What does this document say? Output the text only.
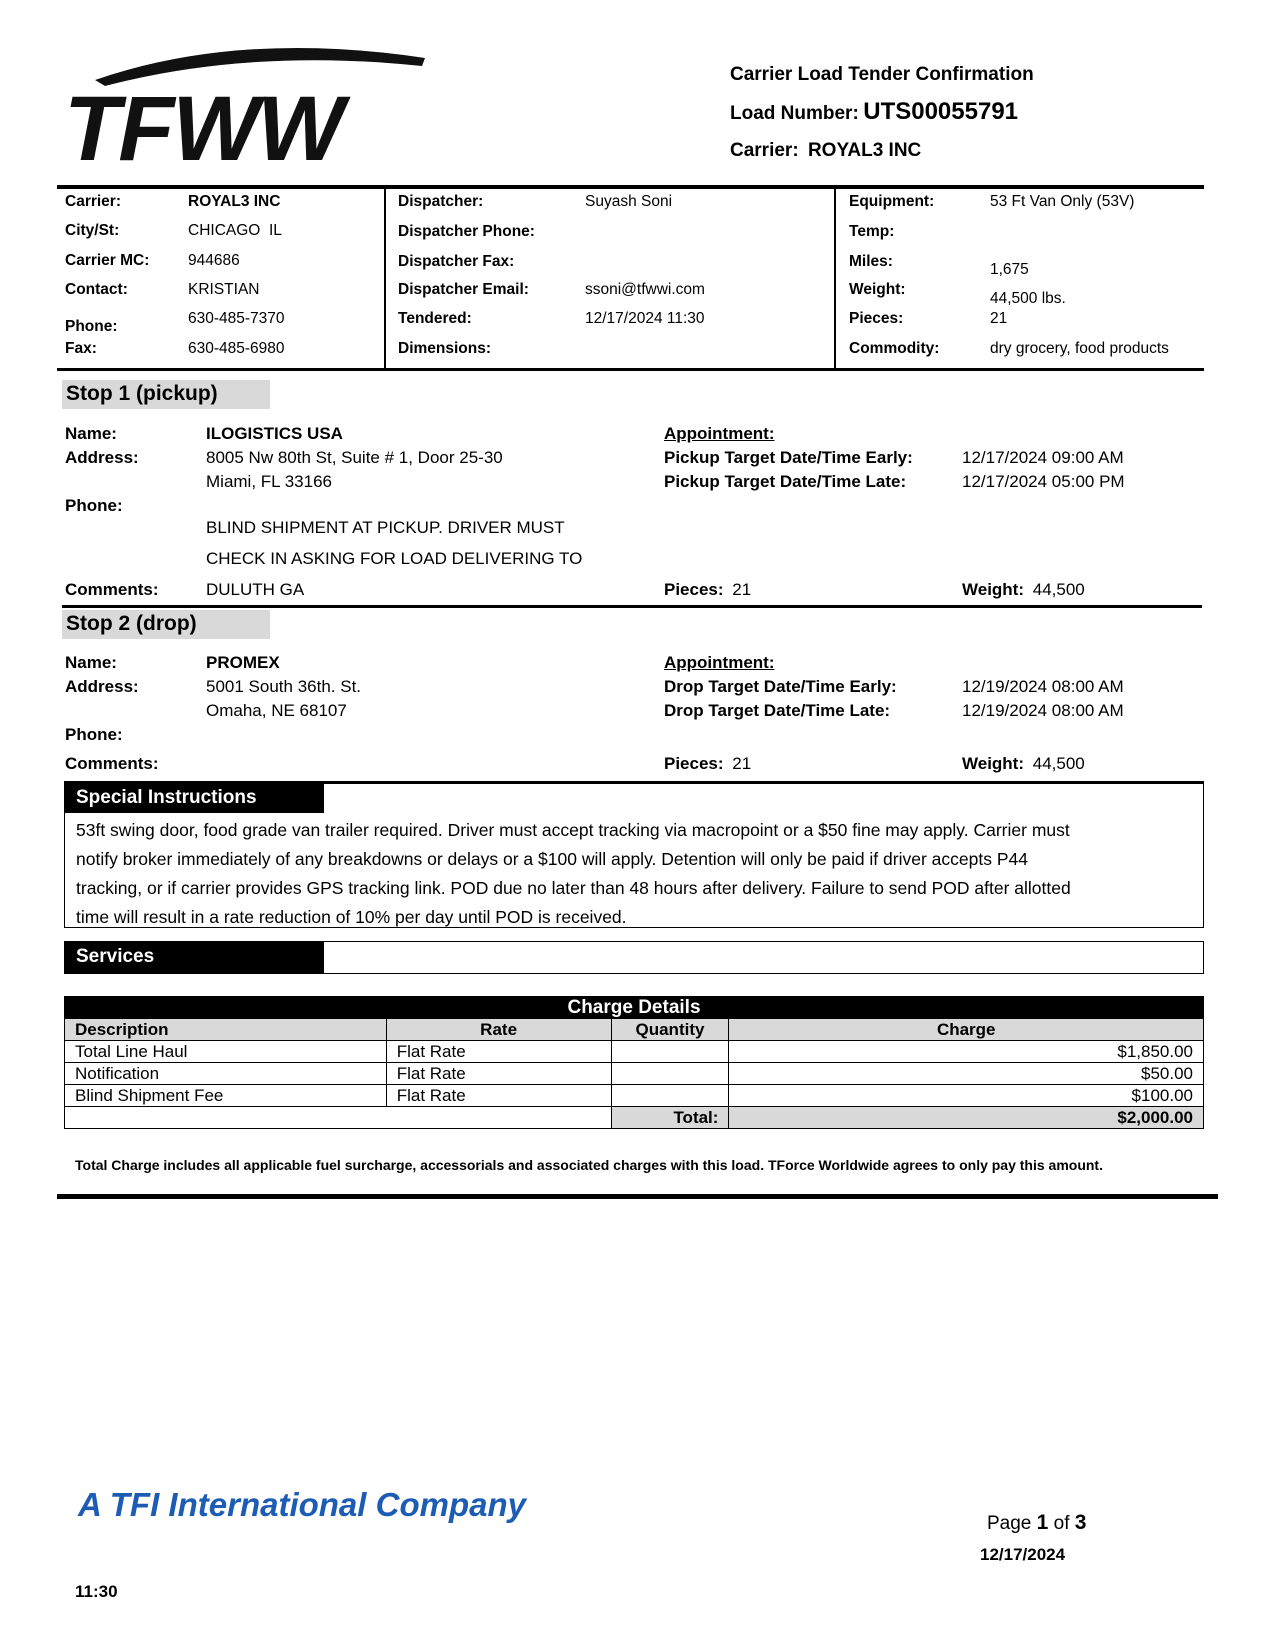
TFWW
Carrier Load Tender Confirmation
Load Number: UTS00055791
Carrier: ROYAL3 INC
Carrier:	ROYAL3 INC
City/St:	CHICAGO  IL
Carrier MC: 944686
Contact:	KRISTIAN
Phone:	630-485-7370
Fax:	630-485-6980
Dispatcher:	Suyash Soni
Dispatcher Phone:
Dispatcher Fax:
Dispatcher Email:	ssoni@tfwwi.com
Tendered:	12/17/2024 11:30
Dimensions:
Equipment:	53 Ft Van Only (53V)
Temp:
Miles:	1,675
Weight:
44,500 lbs.
Pieces:	21
Commodity:	dry grocery, food products
Stop 1 (pickup)
Name:	ILOGISTICS USA
Address:	8005 Nw 80th St, Suite # 1, Door 25-30
Miami, FL 33166
Phone:
BLIND SHIPMENT AT PICKUP. DRIVER MUST
CHECK IN ASKING FOR LOAD DELIVERING TO
Comments:	DULUTH GA
Appointment:
Pickup Target Date/Time Early:	12/17/2024 09:00 AM
Pickup Target Date/Time Late:	12/17/2024 05:00 PM
Pieces: 21	Weight: 44,500
Stop 2 (drop)
Name:	PROMEX
Address:	5001 South 36th. St.
Omaha, NE 68107
Phone:
Comments:
Appointment:
Drop Target Date/Time Early:	12/19/2024 08:00 AM
Drop Target Date/Time Late:	12/19/2024 08:00 AM
Pieces: 21	Weight: 44,500
Special Instructions
53ft swing door, food grade van trailer required. Driver must accept tracking via macropoint or a $50 fine may apply. Carrier must
notify broker immediately of any breakdowns or delays or a $100 will apply. Detention will only be paid if driver accepts P44
tracking, or if carrier provides GPS tracking link. POD due no later than 48 hours after delivery. Failure to send POD after allotted
time will result in a rate reduction of 10% per day until POD is received.
Services
Charge Details			
Description	Rate	Quantity	Charge
Total Line Haul	Flat Rate		$1,850.00
Notification	Flat Rate		$50.00
Blind Shipment Fee	Flat Rate		$100.00
		Total:	$2,000.00
Total Charge includes all applicable fuel surcharge, accessorials and associated charges with this load. TForce Worldwide agrees to only pay this amount.
A TFI International Company
Page 1 of 3
12/17/2024
11:30
